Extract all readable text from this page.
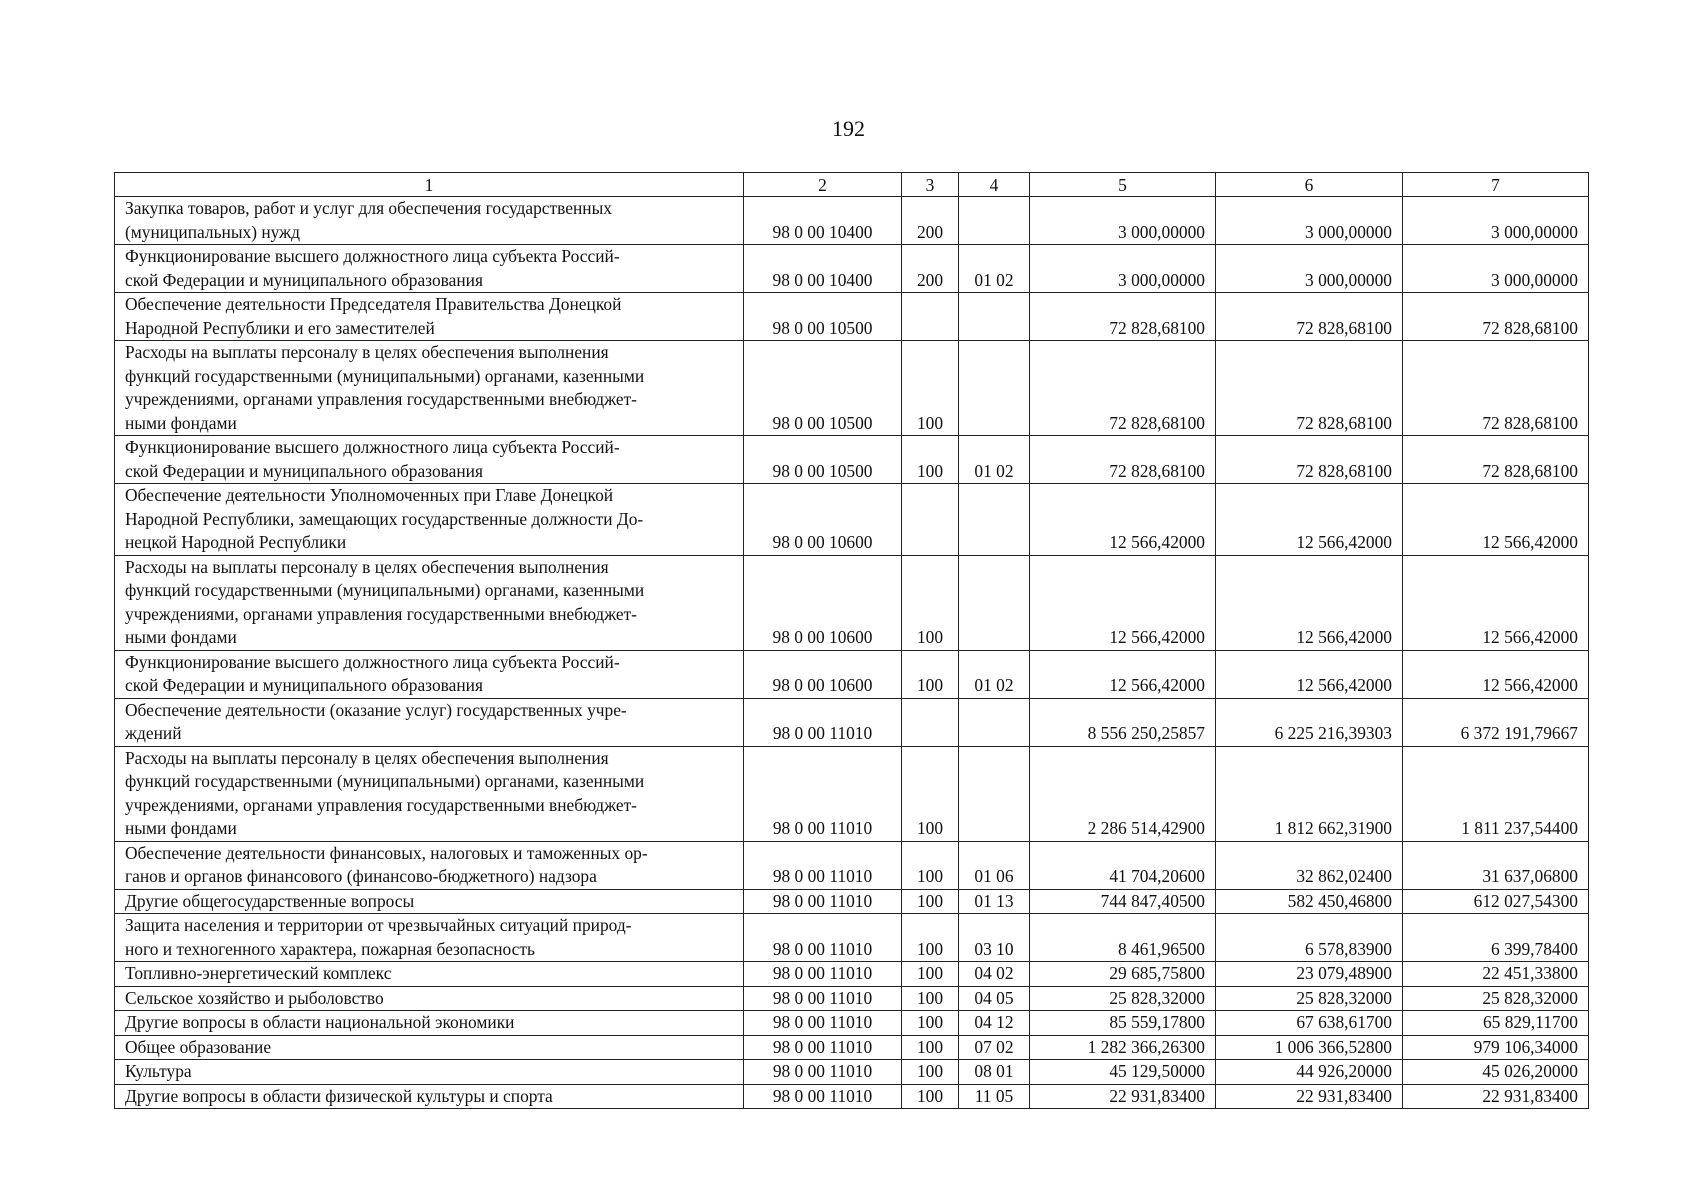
192
1	2	3	4	5	6	7

Закупка товаров, работ и услуг для обеспечения государственных
(муниципальных) нужд	98 0 00 10400	200		3 000,00000	3 000,00000	3 000,00000

Функционирование высшего должностного лица субъекта Россий-
ской Федерации и муниципального образования	98 0 00 10400	200	01 02	3 000,00000	3 000,00000	3 000,00000

Обеспечение деятельности Председателя Правительства Донецкой
Народной Республики и его заместителей	98 0 00 10500			72 828,68100	72 828,68100	72 828,68100

Расходы на выплаты персоналу в целях обеспечения выполнения
функций государственными (муниципальными) органами, казенными
учреждениями, органами управления государственными внебюджет-
ными фондами	98 0 00 10500	100		72 828,68100	72 828,68100	72 828,68100

Функционирование высшего должностного лица субъекта Россий-
ской Федерации и муниципального образования	98 0 00 10500	100	01 02	72 828,68100	72 828,68100	72 828,68100

Обеспечение деятельности Уполномоченных при Главе Донецкой
Народной Республики, замещающих государственные должности До-
нецкой Народной Республики	98 0 00 10600			12 566,42000	12 566,42000	12 566,42000

Расходы на выплаты персоналу в целях обеспечения выполнения
функций государственными (муниципальными) органами, казенными
учреждениями, органами управления государственными внебюджет-
ными фондами	98 0 00 10600	100		12 566,42000	12 566,42000	12 566,42000

Функционирование высшего должностного лица субъекта Россий-
ской Федерации и муниципального образования	98 0 00 10600	100	01 02	12 566,42000	12 566,42000	12 566,42000

Обеспечение деятельности (оказание услуг) государственных учре-
ждений	98 0 00 11010			8 556 250,25857	6 225 216,39303	6 372 191,79667

Расходы на выплаты персоналу в целях обеспечения выполнения
функций государственными (муниципальными) органами, казенными
учреждениями, органами управления государственными внебюджет-
ными фондами	98 0 00 11010	100		2 286 514,42900	1 812 662,31900	1 811 237,54400

Обеспечение деятельности финансовых, налоговых и таможенных ор-
ганов и органов финансового (финансово-бюджетного) надзора	98 0 00 11010	100	01 06	41 704,20600	32 862,02400	31 637,06800

Другие общегосударственные вопросы	98 0 00 11010	100	01 13	744 847,40500	582 450,46800	612 027,54300

Защита населения и территории от чрезвычайных ситуаций природ-
ного и техногенного характера, пожарная безопасность	98 0 00 11010	100	03 10	8 461,96500	6 578,83900	6 399,78400

Топливно-энергетический комплекс	98 0 00 11010	100	04 02	29 685,75800	23 079,48900	22 451,33800

Сельское хозяйство и рыболовство	98 0 00 11010	100	04 05	25 828,32000	25 828,32000	25 828,32000

Другие вопросы в области национальной экономики	98 0 00 11010	100	04 12	85 559,17800	67 638,61700	65 829,11700

Общее образование	98 0 00 11010	100	07 02	1 282 366,26300	1 006 366,52800	979 106,34000

Культура	98 0 00 11010	100	08 01	45 129,50000	44 926,20000	45 026,20000

Другие вопросы в области физической культуры и спорта	98 0 00 11010	100	11 05	22 931,83400	22 931,83400	22 931,83400
